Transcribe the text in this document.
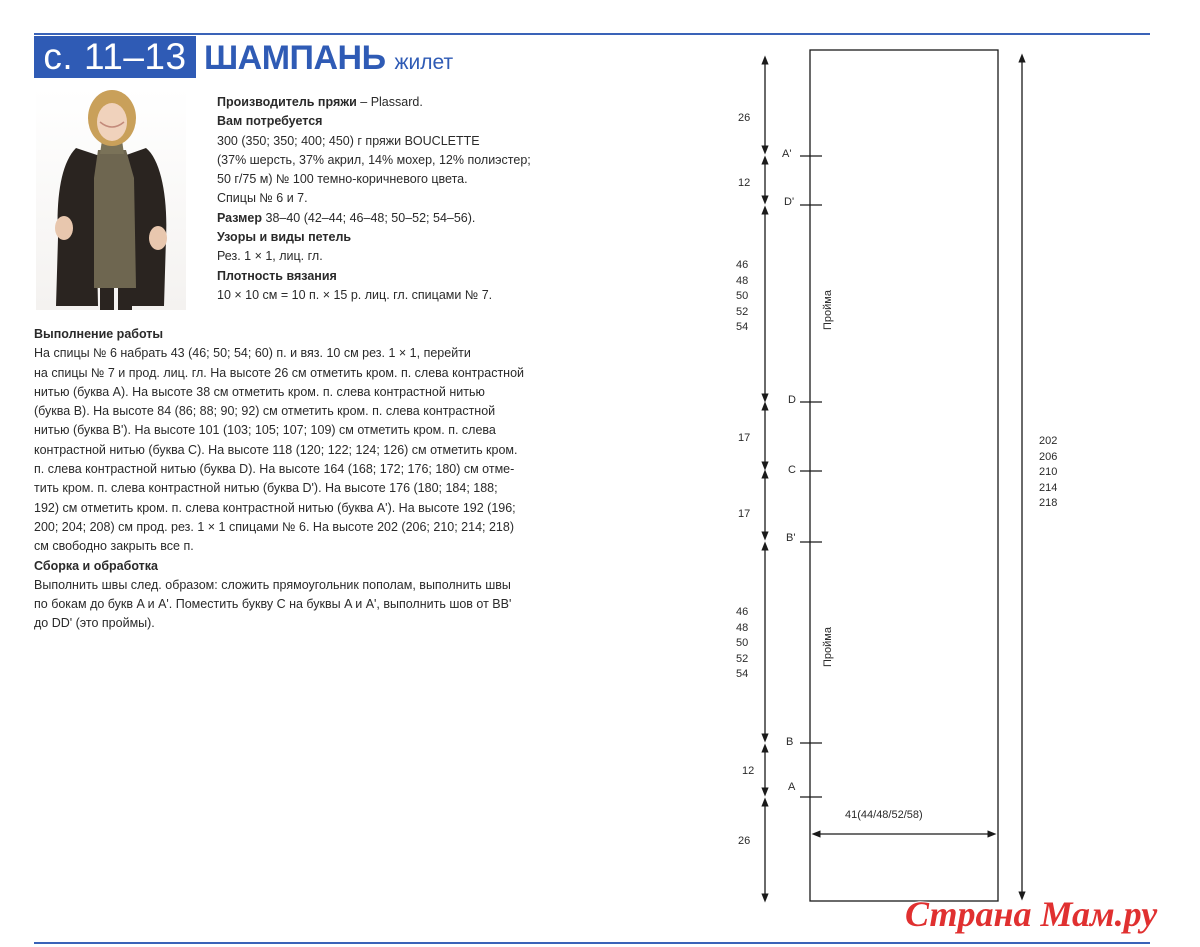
с. 11–13 ШАМПАНЬ жилет

Производитель пряжи – Plassard.

Вам потребуется

300 (350; 350; 400; 450) г пряжи BOUCLETTE

(37% шерсть, 37% акрил, 14% мохер, 12% полиэстер;

50 г/75 м) № 100 темно-коричневого цвета.

Спицы № 6 и 7.

Размер 38–40 (42–44; 46–48; 50–52; 54–56).

Узоры и виды петель

Рез. 1 × 1, лиц. гл.

Плотность вязания

10 × 10 см = 10 п. × 15 р. лиц. гл. спицами № 7.

Выполнение работы

На спицы № 6 набрать 43 (46; 50; 54; 60) п. и вяз. 10 см рез. 1 × 1, перейти

на спицы № 7 и прод. лиц. гл. На высоте 26 см отметить кром. п. слева контрастной

нитью (буква A). На высоте 38 см отметить кром. п. слева контрастной нитью

(буква B). На высоте 84 (86; 88; 90; 92) см отметить кром. п. слева контрастной

нитью (буква B'). На высоте 101 (103; 105; 107; 109) см отметить кром. п. слева

контрастной нитью (буква C). На высоте 118 (120; 122; 124; 126) см отметить кром.

п. слева контрастной нитью (буква D). На высоте 164 (168; 172; 176; 180) см отме-

тить кром. п. слева контрастной нитью (буква D'). На высоте 176 (180; 184; 188;

192) см отметить кром. п. слева контрастной нитью (буква A'). На высоте 192 (196;

200; 204; 208) см прод. рез. 1 × 1 спицами № 6. На высоте 202 (206; 210; 214; 218)

см свободно закрыть все п.

Сборка и обработка

Выполнить швы след. образом: сложить прямоугольник пополам, выполнить швы

по бокам до букв A и A'. Поместить букву C на буквы A и A', выполнить шов от BB'

до DD' (это проймы).

26
12
46
48
50
52
54
17
17
46
48
50
52
54
12
26
A'
D'
D
C
B'
B
A
Пройма
Пройма
202
206
210
214
218
41(44/48/52/58)
Страна Мам.ру
